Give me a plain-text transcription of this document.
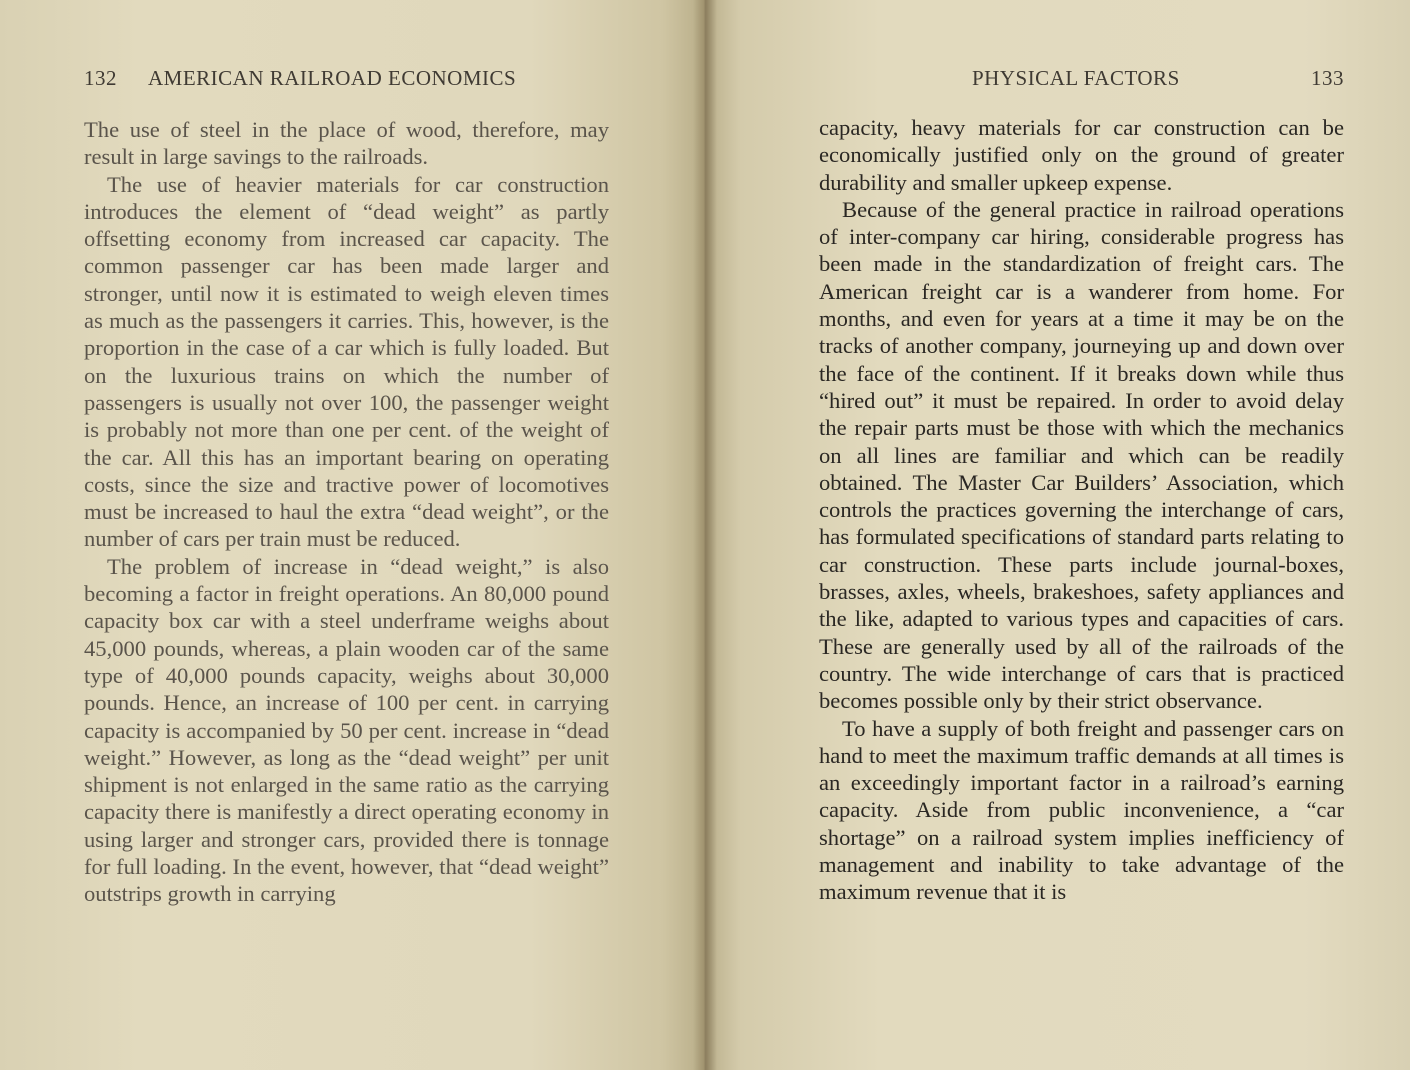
132 AMERICAN RAILROAD ECONOMICS

The use of steel in the place of wood, therefore, may result in large savings to the railroads.

The use of heavier materials for car construction introduces the element of “dead weight” as partly offsetting economy from increased car capacity. The common passenger car has been made larger and stronger, until now it is estimated to weigh eleven times as much as the passengers it carries. This, however, is the proportion in the case of a car which is fully loaded. But on the luxurious trains on which the number of passengers is usually not over 100, the passenger weight is probably not more than one per cent. of the weight of the car. All this has an important bearing on operating costs, since the size and tractive power of locomotives must be increased to haul the extra “dead weight”, or the number of cars per train must be reduced.

The problem of increase in “dead weight,” is also becoming a factor in freight operations. An 80,000 pound capacity box car with a steel underframe weighs about 45,000 pounds, whereas, a plain wooden car of the same type of 40,000 pounds capacity, weighs about 30,000 pounds. Hence, an increase of 100 per cent. in carrying capacity is accompanied by 50 per cent. increase in “dead weight.” However, as long as the “dead weight” per unit shipment is not enlarged in the same ratio as the carrying capacity there is manifestly a direct operating economy in using larger and stronger cars, provided there is tonnage for full loading. In the event, however, that “dead weight” outstrips growth in carrying

PHYSICAL FACTORS	133

capacity, heavy materials for car construction can be economically justified only on the ground of greater durability and smaller upkeep expense.

Because of the general practice in railroad operations of inter-company car hiring, considerable progress has been made in the standardization of freight cars. The American freight car is a wanderer from home. For months, and even for years at a time it may be on the tracks of another company, journeying up and down over the face of the continent. If it breaks down while thus “hired out” it must be repaired. In order to avoid delay the repair parts must be those with which the mechanics on all lines are familiar and which can be readily obtained. The Master Car Builders’ Association, which controls the practices governing the interchange of cars, has formulated specifications of standard parts relating to car construction. These parts include journal-boxes, brasses, axles, wheels, brakeshoes, safety appliances and the like, adapted to various types and capacities of cars. These are generally used by all of the railroads of the country. The wide interchange of cars that is practiced becomes possible only by their strict observance.

To have a supply of both freight and passenger cars on hand to meet the maximum traffic demands at all times is an exceedingly important factor in a railroad’s earning capacity. Aside from public inconvenience, a “car shortage” on a railroad system implies inefficiency of management and inability to take advantage of the maximum revenue that it is
